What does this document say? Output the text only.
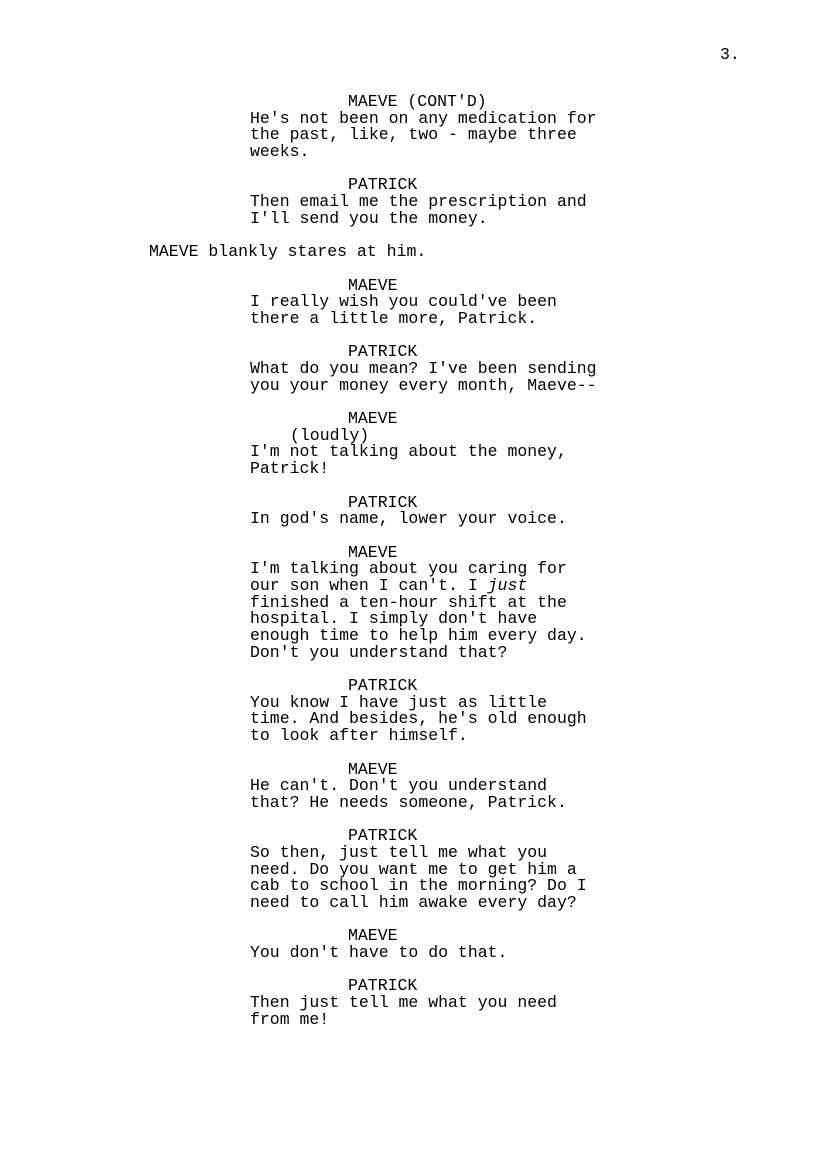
3.
MAEVE (CONT'D)
He's not been on any medication for
the past, like, two - maybe three
weeks.
PATRICK
Then email me the prescription and
I'll send you the money.
MAEVE blankly stares at him.
MAEVE
I really wish you could've been
there a little more, Patrick.
PATRICK
What do you mean? I've been sending
you your money every month, Maeve--
MAEVE
(loudly)
I'm not talking about the money,
Patrick!
PATRICK
In god's name, lower your voice.
MAEVE
I'm talking about you caring for
our son when I can't. I just
finished a ten-hour shift at the
hospital. I simply don't have
enough time to help him every day.
Don't you understand that?
PATRICK
You know I have just as little
time. And besides, he's old enough
to look after himself.
MAEVE
He can't. Don't you understand
that? He needs someone, Patrick.
PATRICK
So then, just tell me what you
need. Do you want me to get him a
cab to school in the morning? Do I
need to call him awake every day?
MAEVE
You don't have to do that.
PATRICK
Then just tell me what you need
from me!
